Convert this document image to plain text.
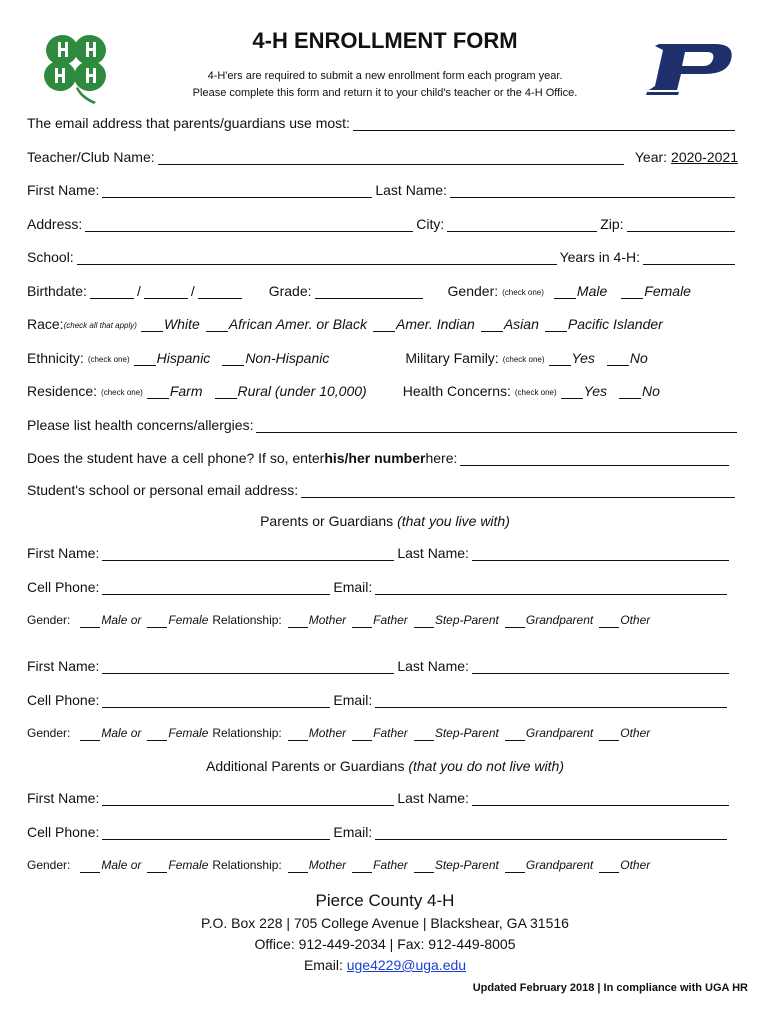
4-H ENROLLMENT FORM
4-H'ers are required to submit a new enrollment form each program year.
Please complete this form and return it to your child's teacher or the 4-H Office.
The email address that parents/guardians use most:
Teacher/Club Name:	Year: 2020-2021
First Name:	Last Name:
Address:	City:	Zip:
School:	Years in 4-H:
Birthdate:	/	/	Grade:	Gender: (check one) Male	Female
Race: (check all that apply) White African Amer. or Black Amer. Indian Asian Pacific Islander
Ethnicity: (check one) Hispanic	Non-Hispanic	Military Family: (check one) Yes	No
Residence: (check one) Farm	Rural (under 10,000)	Health Concerns: (check one) Yes	No
Please list health concerns/allergies:
Does the student have a cell phone? If so, enter his/her number here:
Student's school or personal email address:
Parents or Guardians (that you live with)
First Name:	Last Name:
Cell Phone:	Email:
Gender:	Male or Female Relationship: Mother Father Step-Parent Grandparent Other
First Name:	Last Name:
Cell Phone:	Email:
Gender:	Male or Female Relationship: Mother Father Step-Parent Grandparent Other
Additional Parents or Guardians (that you do not live with)
First Name:	Last Name:
Cell Phone:	Email:
Gender:	Male or Female Relationship: Mother Father Step-Parent Grandparent Other
Pierce County 4-H
P.O. Box 228 | 705 College Avenue | Blackshear, GA 31516
Office: 912-449-2034 | Fax: 912-449-8005
Email: uge4229@uga.edu
Updated February 2018 | In compliance with UGA HR
